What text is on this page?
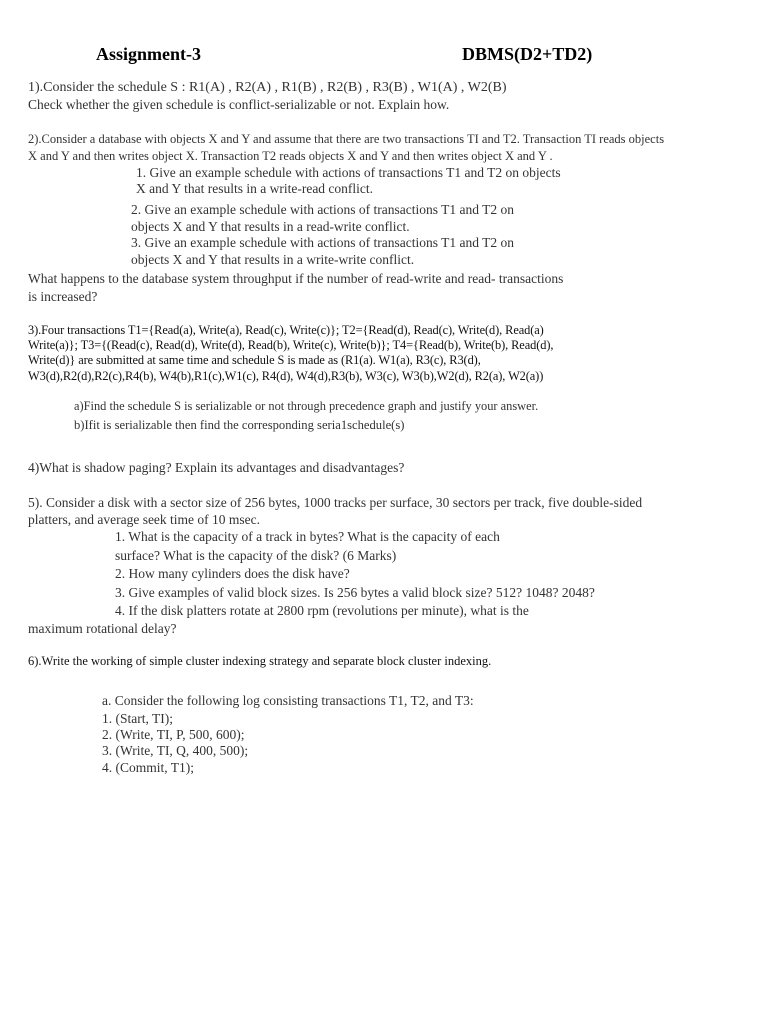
Assignment-3	DBMS(D2+TD2)
1).Consider the schedule S : R1(A) , R2(A) , R1(B) , R2(B) , R3(B) , W1(A) , W2(B)
Check whether the given schedule is conflict-serializable or not. Explain how.
2).Consider a database with objects X and Y and assume that there are two transactions TI and T2. Transaction TI reads objects
X and Y and then writes object X. Transaction T2 reads objects X and Y and then writes object X and Y .
1. Give an example schedule with actions of transactions T1 and T2 on objects
X and Y that results in a write-read conflict.
2. Give an example schedule with actions of transactions T1 and T2 on
objects X and Y that results in a read-write conflict.
3. Give an example schedule with actions of transactions T1 and T2 on
objects X and Y that results in a write-write conflict.
What happens to the database system throughput if the number of read-write and read- transactions
is increased?
3).Four transactions T1={Read(a), Write(a), Read(c), Write(c)}; T2={Read(d), Read(c), Write(d), Read(a)
Write(a)}; T3={(Read(c), Read(d), Write(d), Read(b), Write(c), Write(b)}; T4={Read(b), Write(b), Read(d),
Write(d)} are submitted at same time and schedule S is made as (R1(a). W1(a), R3(c), R3(d),
W3(d),R2(d),R2(c),R4(b), W4(b),R1(c),W1(c), R4(d), W4(d),R3(b), W3(c), W3(b),W2(d), R2(a), W2(a))
a)Find the schedule S is serializable or not through precedence graph and justify your answer.
b)Ifit is serializable then find the corresponding seria1schedule(s)
4)What is shadow paging? Explain its advantages and disadvantages?
5). Consider a disk with a sector size of 256 bytes, 1000 tracks per surface, 30 sectors per track, five double-sided
platters, and average seek time of 10 msec.
1. What is the capacity of a track in bytes? What is the capacity of each
surface? What is the capacity of the disk? (6 Marks)
2. How many cylinders does the disk have?
3. Give examples of valid block sizes. Is 256 bytes a valid block size? 512? 1048? 2048?
4. If the disk platters rotate at 2800 rpm (revolutions per minute), what is the
maximum rotational delay?
6).Write the working of simple cluster indexing strategy and separate block cluster indexing.
a. Consider the following log consisting transactions T1, T2, and T3:
1. (Start, TI);
2. (Write, TI, P, 500, 600);
3. (Write, TI, Q, 400, 500);
4. (Commit, T1);
